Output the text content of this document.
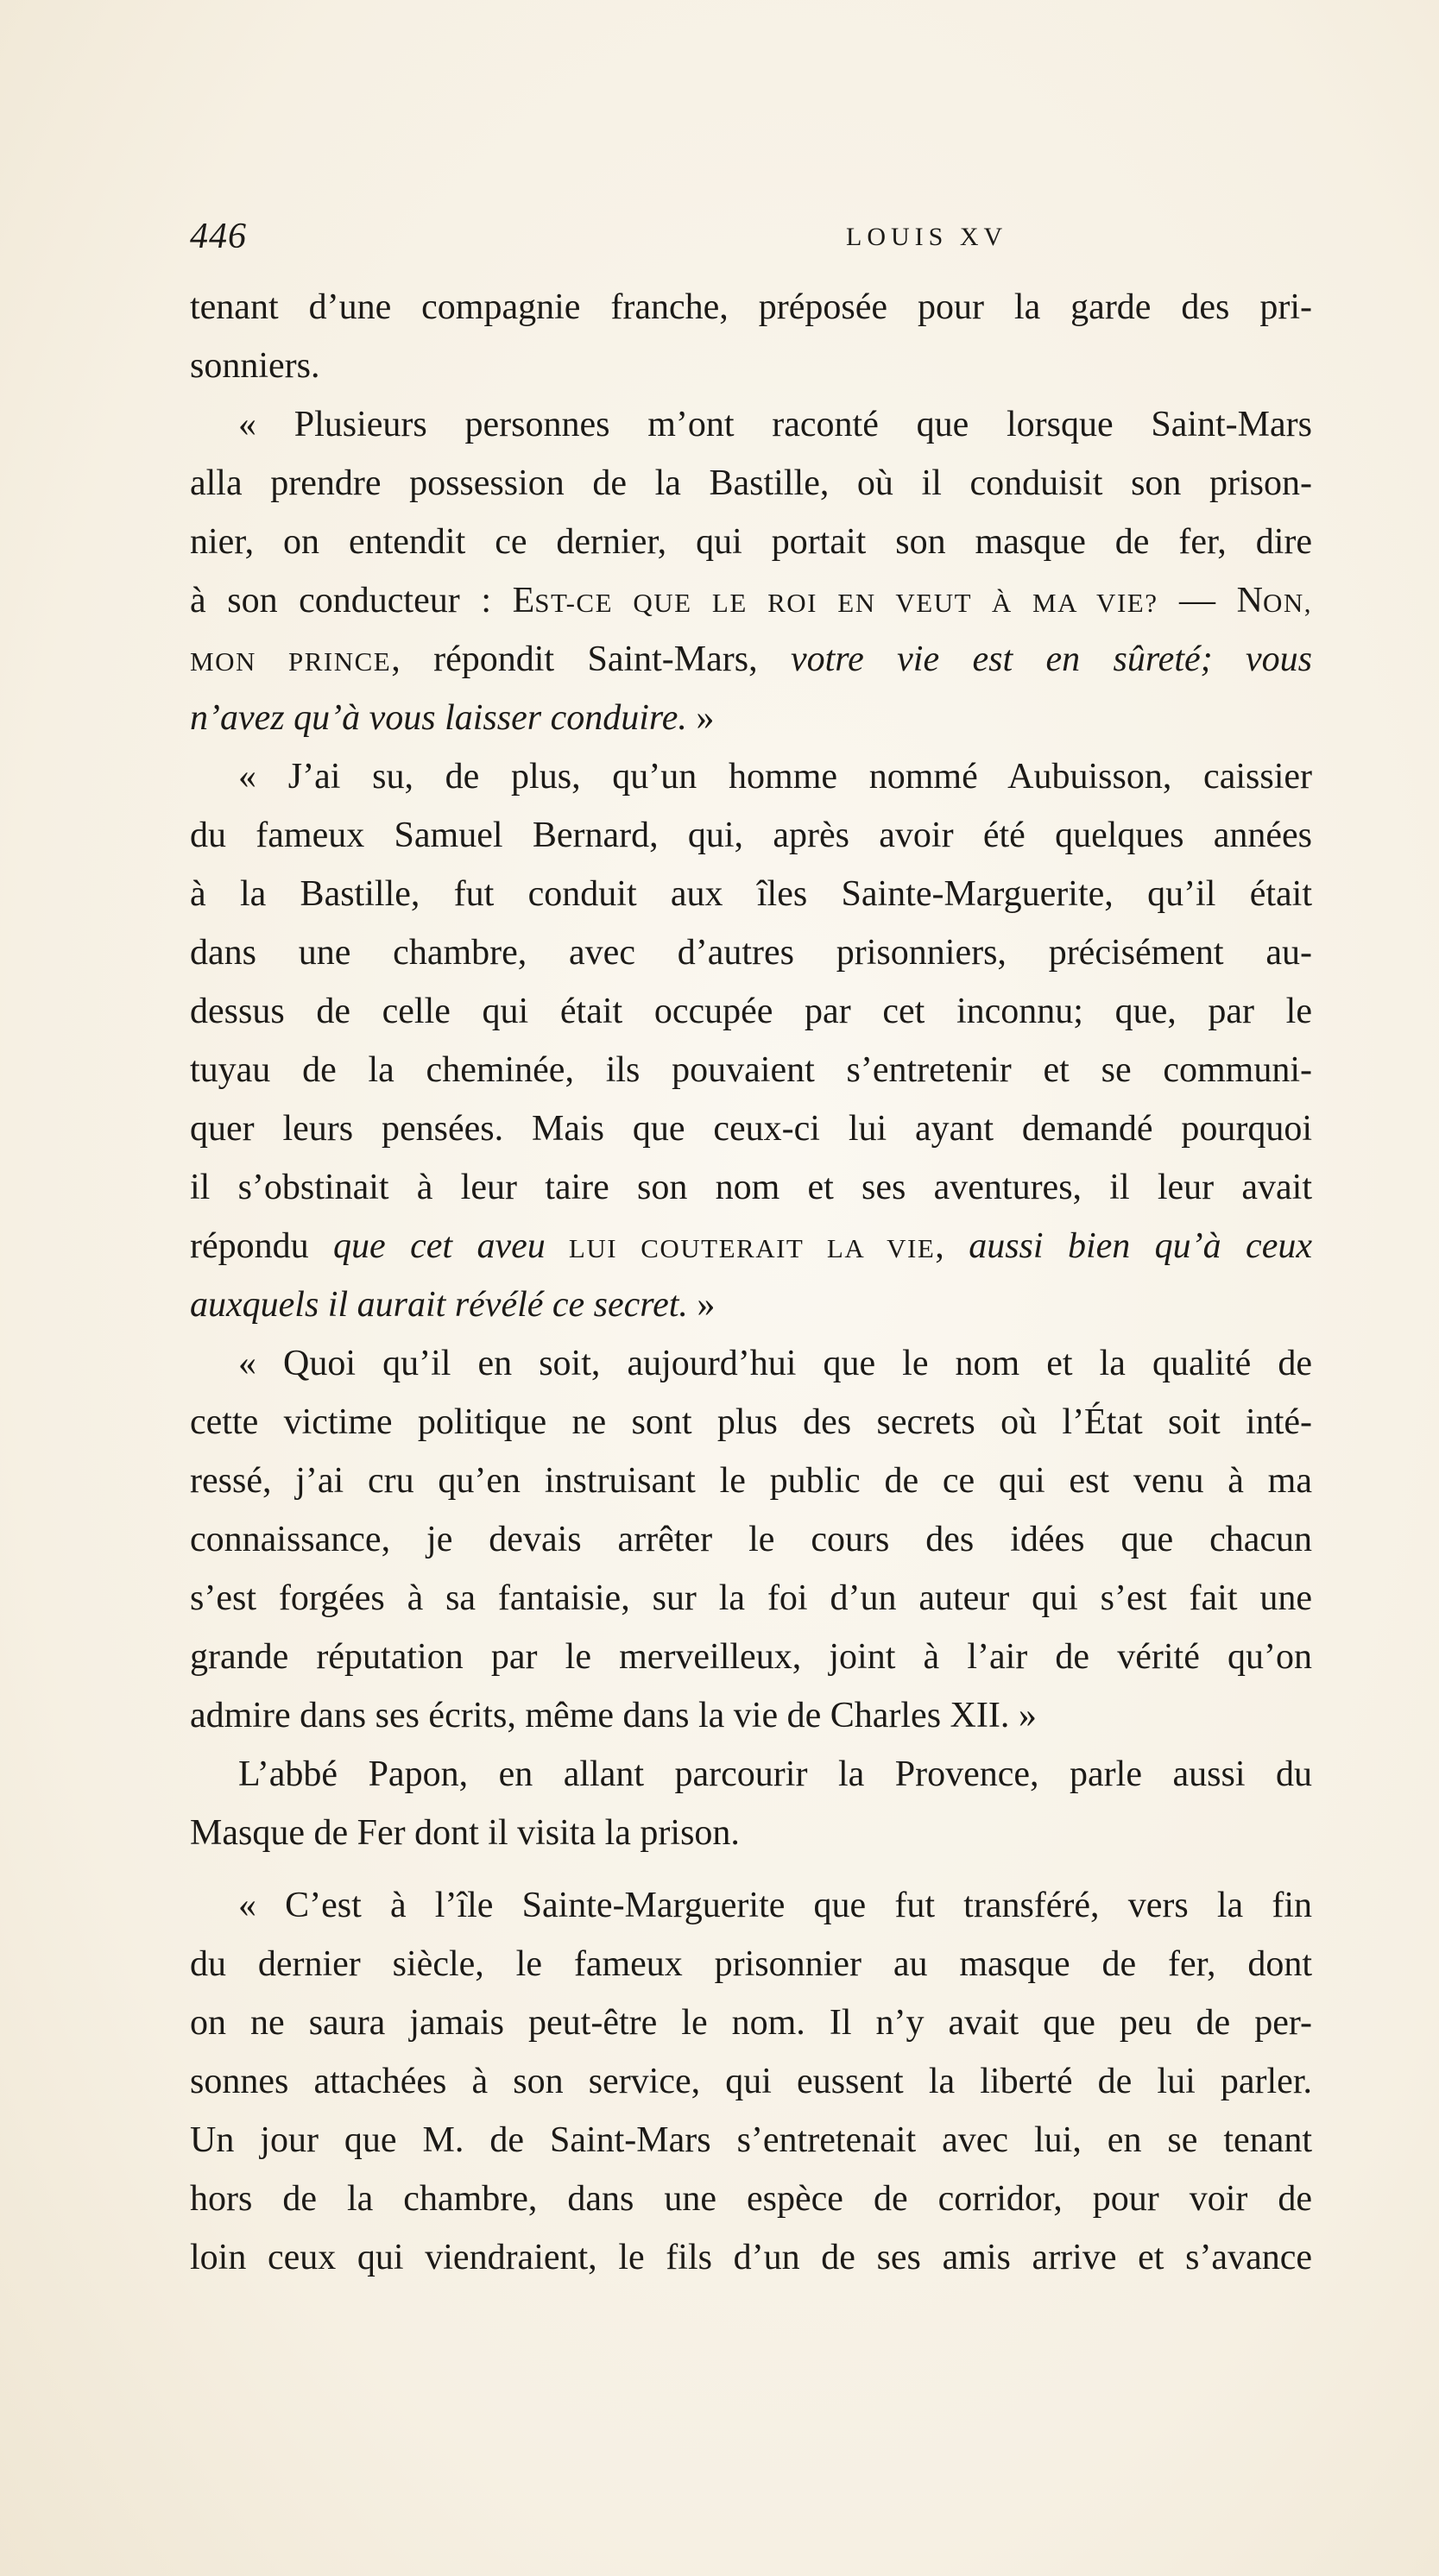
446	LOUIS XV
tenant d’une compagnie franche, préposée pour la garde des pri-
sonniers.
« Plusieurs personnes m’ont raconté que lorsque Saint-Mars
alla prendre possession de la Bastille, où il conduisit son prison-
nier, on entendit ce dernier, qui portait son masque de fer, dire
à son conducteur : EST-CE QUE LE ROI EN VEUT À MA VIE? — NON,
MON PRINCE, répondit Saint-Mars, votre vie est en sûreté; vous
n’avez qu’à vous laisser conduire. »
« J’ai su, de plus, qu’un homme nommé Aubuisson, caissier
du fameux Samuel Bernard, qui, après avoir été quelques années
à la Bastille, fut conduit aux îles Sainte-Marguerite, qu’il était
dans une chambre, avec d’autres prisonniers, précisément au-
dessus de celle qui était occupée par cet inconnu; que, par le
tuyau de la cheminée, ils pouvaient s’entretenir et se communi-
quer leurs pensées. Mais que ceux-ci lui ayant demandé pourquoi
il s’obstinait à leur taire son nom et ses aventures, il leur avait
répondu que cet aveu LUI COUTERAIT LA VIE, aussi bien qu’à ceux
auxquels il aurait révélé ce secret. »
« Quoi qu’il en soit, aujourd’hui que le nom et la qualité de
cette victime politique ne sont plus des secrets où l’État soit inté-
ressé, j’ai cru qu’en instruisant le public de ce qui est venu à ma
connaissance, je devais arrêter le cours des idées que chacun
s’est forgées à sa fantaisie, sur la foi d’un auteur qui s’est fait une
grande réputation par le merveilleux, joint à l’air de vérité qu’on
admire dans ses écrits, même dans la vie de Charles XII. »
L’abbé Papon, en allant parcourir la Provence, parle aussi du
Masque de Fer dont il visita la prison.
« C’est à l’île Sainte-Marguerite que fut transféré, vers la fin
du dernier siècle, le fameux prisonnier au masque de fer, dont
on ne saura jamais peut-être le nom. Il n’y avait que peu de per-
sonnes attachées à son service, qui eussent la liberté de lui parler.
Un jour que M. de Saint-Mars s’entretenait avec lui, en se tenant
hors de la chambre, dans une espèce de corridor, pour voir de
loin ceux qui viendraient, le fils d’un de ses amis arrive et s’avance
